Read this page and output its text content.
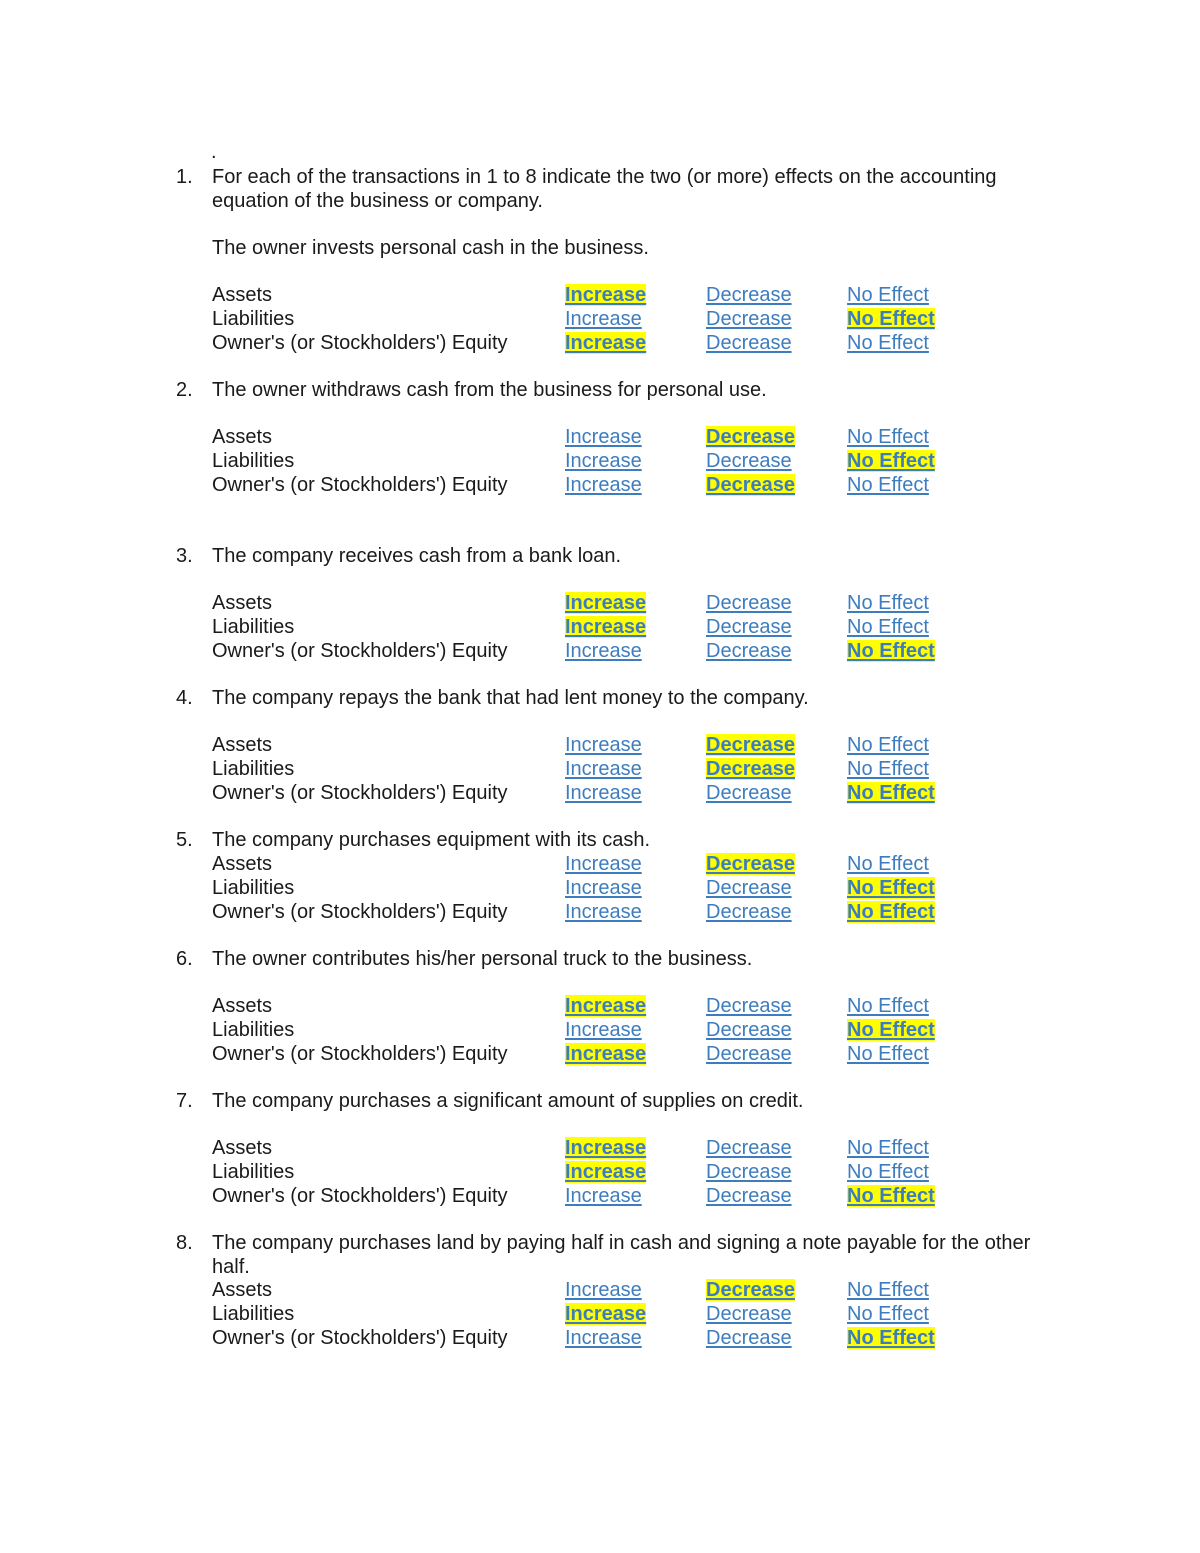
.
1. For each of the transactions in 1 to 8 indicate the two (or more) effects on the accounting
equation of the business or company.
The owner invests personal cash in the business.
Assets	Increase	Decrease	No Effect
Liabilities	Increase	Decrease	No Effect
Owner's (or Stockholders') Equity	Increase	Decrease	No Effect
2. The owner withdraws cash from the business for personal use.
Assets	Increase	Decrease	No Effect
Liabilities	Increase	Decrease	No Effect
Owner's (or Stockholders') Equity	Increase	Decrease	No Effect
3. The company receives cash from a bank loan.
Assets	Increase	Decrease	No Effect
Liabilities	Increase	Decrease	No Effect
Owner's (or Stockholders') Equity	Increase	Decrease	No Effect
4. The company repays the bank that had lent money to the company.
Assets	Increase	Decrease	No Effect
Liabilities	Increase	Decrease	No Effect
Owner's (or Stockholders') Equity	Increase	Decrease	No Effect
5. The company purchases equipment with its cash.
Assets	Increase	Decrease	No Effect
Liabilities	Increase	Decrease	No Effect
Owner's (or Stockholders') Equity	Increase	Decrease	No Effect
6. The owner contributes his/her personal truck to the business.
Assets	Increase	Decrease	No Effect
Liabilities	Increase	Decrease	No Effect
Owner's (or Stockholders') Equity	Increase	Decrease	No Effect
7. The company purchases a significant amount of supplies on credit.
Assets	Increase	Decrease	No Effect
Liabilities	Increase	Decrease	No Effect
Owner's (or Stockholders') Equity	Increase	Decrease	No Effect
8. The company purchases land by paying half in cash and signing a note payable for the other
half.
Assets	Increase	Decrease	No Effect
Liabilities	Increase	Decrease	No Effect
Owner's (or Stockholders') Equity	Increase	Decrease	No Effect
